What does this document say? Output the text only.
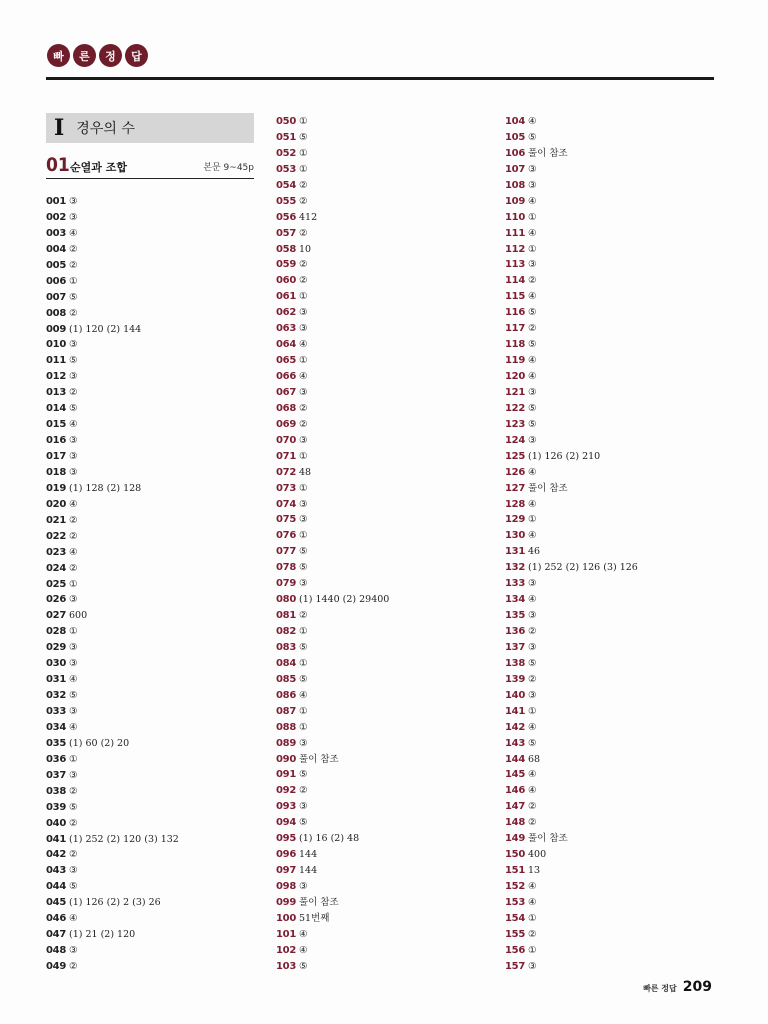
빠	른	정	답
I 경우의 수
01 순열과 조합	본문 9~45p
001 ③
002 ③
003 ④
004 ②
005 ②
006 ①
007 ⑤
008 ②
009 (1) 120 (2) 144
010 ③
011 ⑤
012 ③
013 ②
014 ⑤
015 ④
016 ③
017 ③
018 ③
019 (1) 128 (2) 128
020 ④
021 ②
022 ②
023 ④
024 ②
025 ①
026 ③
027 600
028 ①
029 ③
030 ③
031 ④
032 ⑤
033 ③
034 ④
035 (1) 60 (2) 20
036 ①
037 ③
038 ②
039 ⑤
040 ②
041 (1) 252 (2) 120 (3) 132
042 ②
043 ③
044 ⑤
045 (1) 126 (2) 2 (3) 26
046 ④
047 (1) 21 (2) 120
048 ③
049 ②
050 ①
051 ⑤
052 ①
053 ①
054 ②
055 ②
056 412
057 ②
058 10
059 ②
060 ②
061 ①
062 ③
063 ③
064 ④
065 ①
066 ④
067 ③
068 ②
069 ②
070 ③
071 ①
072 48
073 ①
074 ③
075 ③
076 ①
077 ⑤
078 ⑤
079 ③
080 (1) 1440 (2) 29400
081 ②
082 ①
083 ⑤
084 ①
085 ⑤
086 ④
087 ①
088 ①
089 ③
090 풀이 참조
091 ⑤
092 ②
093 ③
094 ⑤
095 (1) 16 (2) 48
096 144
097 144
098 ③
099 풀이 참조
100 51번째
101 ④
102 ④
103 ⑤
104 ④
105 ⑤
106 풀이 참조
107 ③
108 ③
109 ④
110 ①
111 ④
112 ①
113 ③
114 ②
115 ④
116 ⑤
117 ②
118 ⑤
119 ④
120 ④
121 ③
122 ⑤
123 ⑤
124 ③
125 (1) 126 (2) 210
126 ④
127 풀이 참조
128 ④
129 ①
130 ④
131 46
132 (1) 252 (2) 126 (3) 126
133 ③
134 ④
135 ③
136 ②
137 ③
138 ⑤
139 ②
140 ③
141 ①
142 ④
143 ⑤
144 68
145 ④
146 ④
147 ②
148 ②
149 풀이 참조
150 400
151 13
152 ④
153 ④
154 ①
155 ②
156 ①
157 ③
빠른 정답 209
